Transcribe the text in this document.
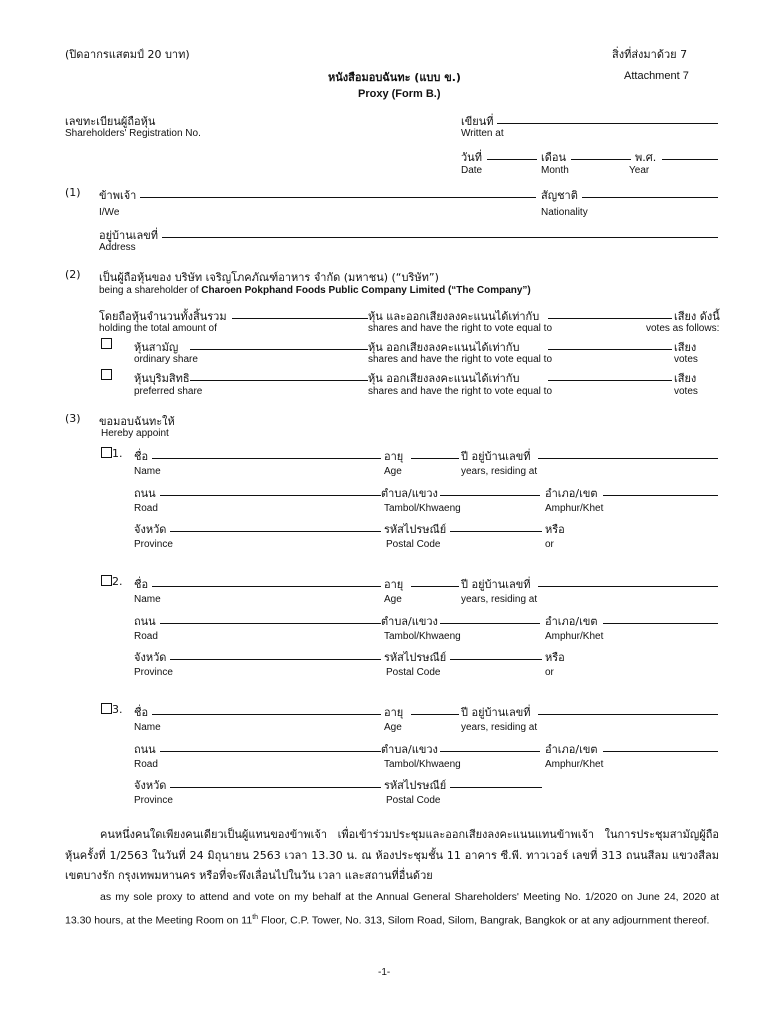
(ปิดอากรแสตมป์ 20 บาท)	สิ่งที่ส่งมาด้วย 7
Attachment 7
หนังสือมอบฉันทะ (แบบ ข.)
Proxy (Form B.)
เลขทะเบียนผู้ถือหุ้น
Shareholders' Registration No.
เขียนที่
Written at
วันที่	เดือน	พ.ศ.
Date	Month	Year
(1) ข้าพเจ้า	สัญชาติ
I/We	Nationality
อยู่บ้านเลขที่
Address
(2) เป็นผู้ถือหุ้นของ บริษัท เจริญโภคภัณฑ์อาหาร จำกัด (มหาชน) (“บริษัท”)
being a shareholder of Charoen Pokphand Foods Public Company Limited (“The Company”)
โดยถือหุ้นจำนวนทั้งสิ้นรวม	หุ้น และออกเสียงลงคะแนนได้เท่ากับ	เสียง ดังนี้
holding the total amount of	shares and have the right to vote equal to	votes as follows:
หุ้นสามัญ	หุ้น ออกเสียงลงคะแนนได้เท่ากับ	เสียง
ordinary share	shares and have the right to vote equal to	votes
หุ้นบุริมสิทธิ	หุ้น ออกเสียงลงคะแนนได้เท่ากับ	เสียง
preferred share	shares and have the right to vote equal to	votes
(3) ขอมอบฉันทะให้
Hereby appoint
1. ชื่อ	อายุ	ปี อยู่บ้านเลขที่
Name	Age	years, residing at
ถนน	ตำบล/แขวง	อำเภอ/เขต
Road	Tambol/Khwaeng	Amphur/Khet
จังหวัด	รหัสไปรษณีย์	หรือ
Province	Postal Code	or
2. ชื่อ	อายุ	ปี อยู่บ้านเลขที่
Name	Age	years, residing at
ถนน	ตำบล/แขวง	อำเภอ/เขต
Road	Tambol/Khwaeng	Amphur/Khet
จังหวัด	รหัสไปรษณีย์	หรือ
Province	Postal Code	or
3. ชื่อ	อายุ	ปี อยู่บ้านเลขที่
Name	Age	years, residing at
ถนน	ตำบล/แขวง	อำเภอ/เขต
Road	Tambol/Khwaeng	Amphur/Khet
จังหวัด	รหัสไปรษณีย์
Province	Postal Code
คนหนึ่งคนใดเพียงคนเดียวเป็นผู้แทนของข้าพเจ้า เพื่อเข้าร่วมประชุมและออกเสียงลงคะแนนแทนข้าพเจ้า ในการประชุมสามัญผู้ถือหุ้นครั้งที่ 1/2563 ในวันที่ 24 มิถุนายน 2563 เวลา 13.30 น. ณ ห้องประชุมชั้น 11 อาคาร ซี.พี. ทาวเวอร์ เลขที่ 313 ถนนสีลม แขวงสีลม เขตบางรัก กรุงเทพมหานคร หรือที่จะพึงเลื่อนไปในวัน เวลา และสถานที่อื่นด้วย
as my sole proxy to attend and vote on my behalf at the Annual General Shareholders' Meeting No. 1/2020 on June 24, 2020 at 13.30 hours, at the Meeting Room on 11th Floor, C.P. Tower, No. 313, Silom Road, Silom, Bangrak, Bangkok or at any adjournment thereof.
-1-
